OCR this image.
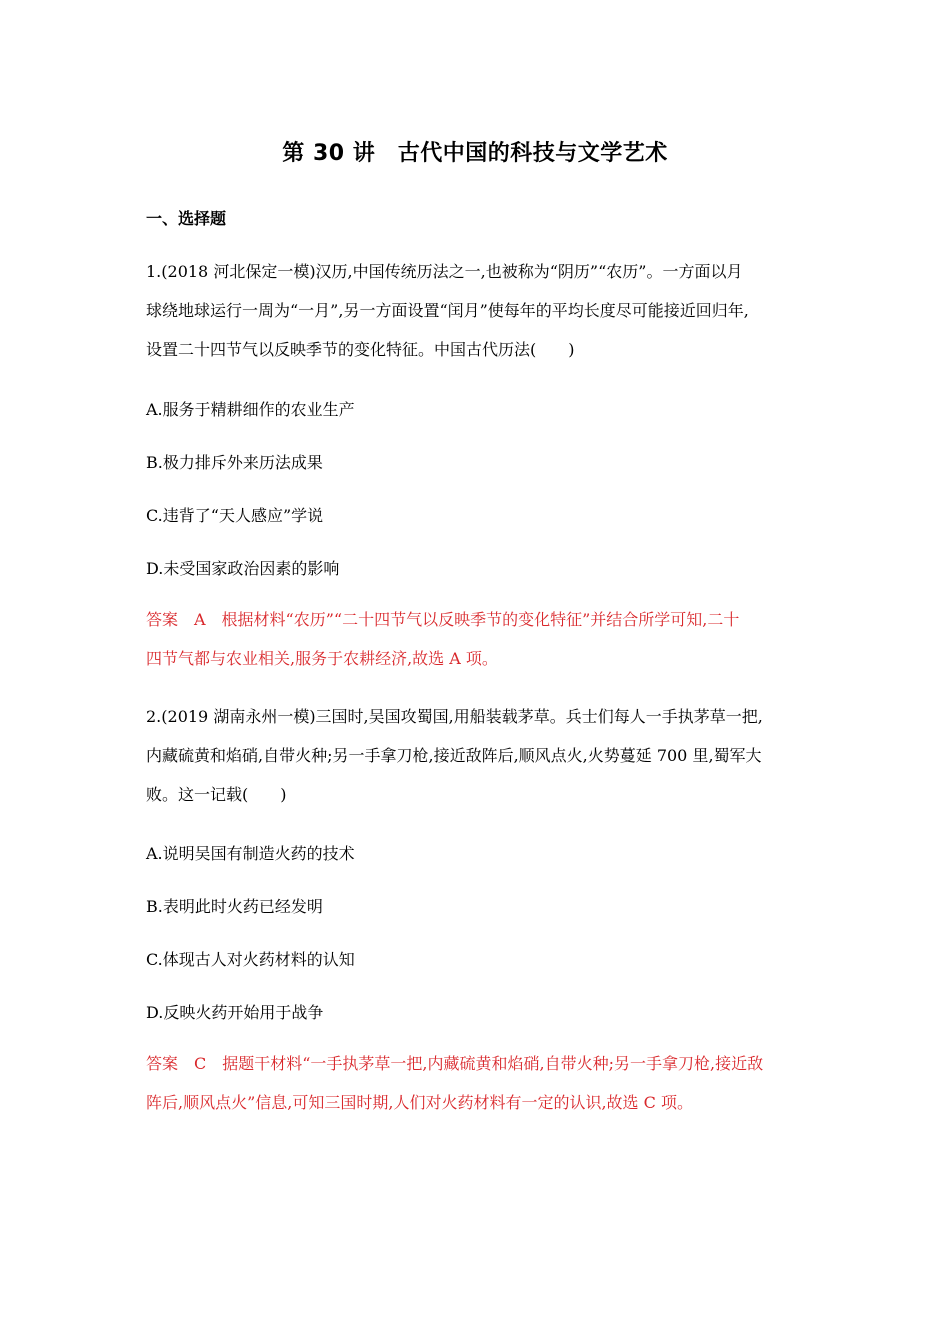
第 30 讲　古代中国的科技与文学艺术
一、选择题
1.(2018 河北保定一模)汉历,中国传统历法之一,也被称为“阴历”“农历”。一方面以月
球绕地球运行一周为“一月”,另一方面设置“闰月”使每年的平均长度尽可能接近回归年,
设置二十四节气以反映季节的变化特征。中国古代历法(　　)
A.服务于精耕细作的农业生产
B.极力排斥外来历法成果
C.违背了“天人感应”学说
D.未受国家政治因素的影响
答案　A　根据材料“农历”“二十四节气以反映季节的变化特征”并结合所学可知,二十
四节气都与农业相关,服务于农耕经济,故选 A 项。
2.(2019 湖南永州一模)三国时,吴国攻蜀国,用船装载茅草。兵士们每人一手执茅草一把,
内藏硫黄和焰硝,自带火种;另一手拿刀枪,接近敌阵后,顺风点火,火势蔓延 700 里,蜀军大
败。这一记载(　　)
A.说明吴国有制造火药的技术
B.表明此时火药已经发明
C.体现古人对火药材料的认知
D.反映火药开始用于战争
答案　C　据题干材料“一手执茅草一把,内藏硫黄和焰硝,自带火种;另一手拿刀枪,接近敌
阵后,顺风点火”信息,可知三国时期,人们对火药材料有一定的认识,故选 C 项。
